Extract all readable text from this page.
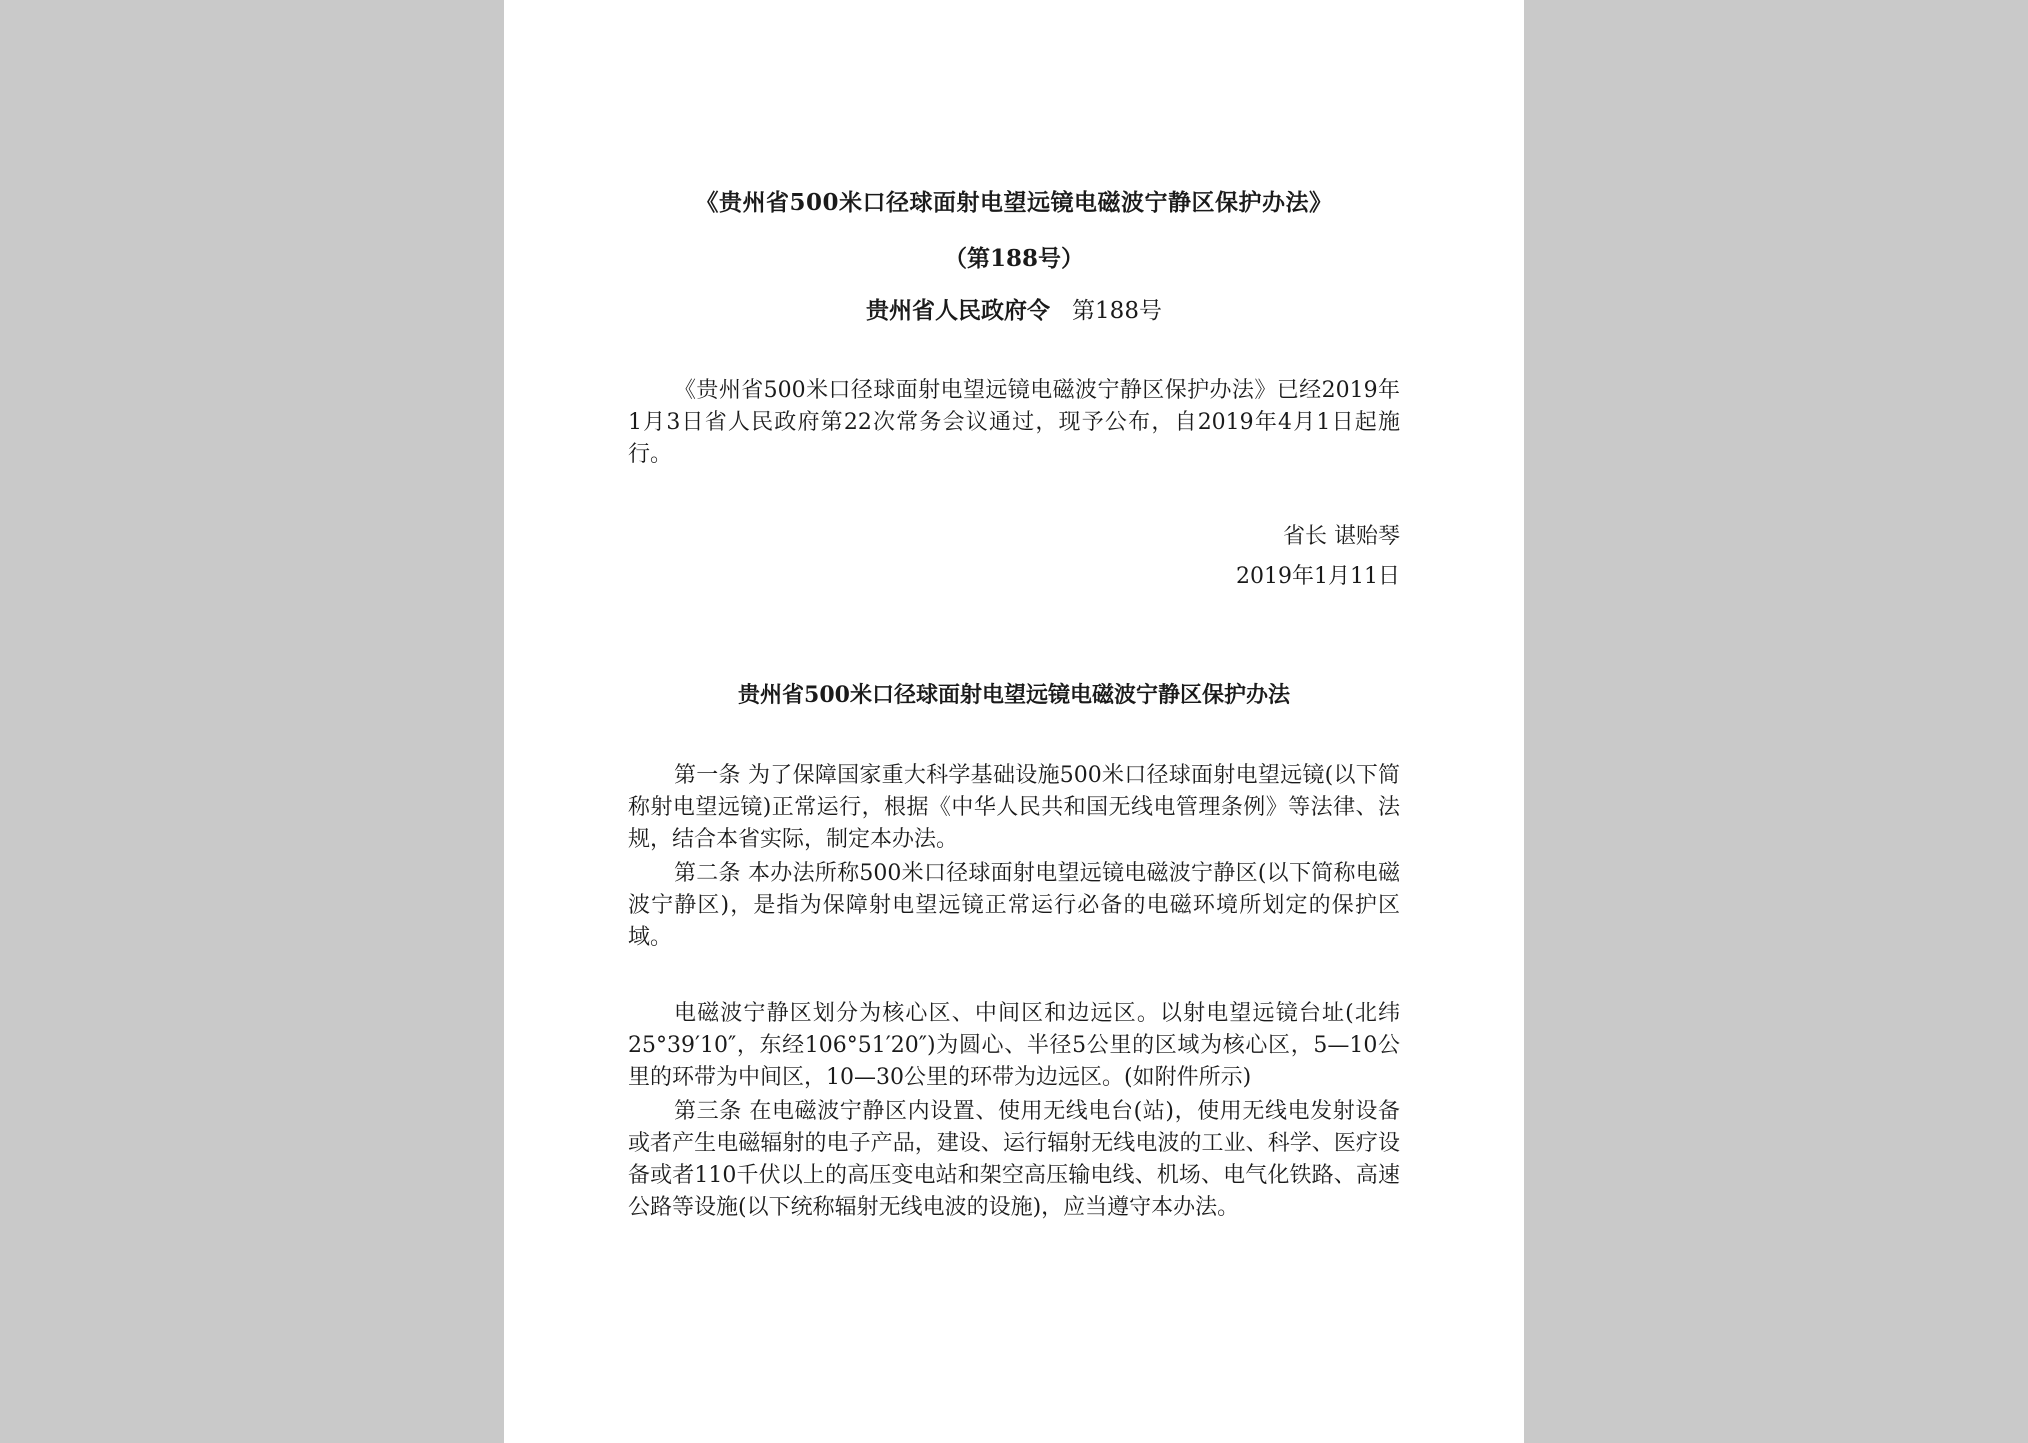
《贵州省500米口径球面射电望远镜电磁波宁静区保护办法》
（第188号）
贵州省人民政府令 第188号
《贵州省500米口径球面射电望远镜电磁波宁静区保护办法》已经2019年1月3日省人民政府第22次常务会议通过，现予公布，自2019年4月1日起施行。
省长 谌贻琴
2019年1月11日
贵州省500米口径球面射电望远镜电磁波宁静区保护办法
第一条 为了保障国家重大科学基础设施500米口径球面射电望远镜(以下简称射电望远镜)正常运行，根据《中华人民共和国无线电管理条例》等法律、法规，结合本省实际，制定本办法。
第二条 本办法所称500米口径球面射电望远镜电磁波宁静区(以下简称电磁波宁静区)，是指为保障射电望远镜正常运行必备的电磁环境所划定的保护区域。
电磁波宁静区划分为核心区、中间区和边远区。以射电望远镜台址(北纬25°39′10″，东经106°51′20″)为圆心、半径5公里的区域为核心区，5—10公里的环带为中间区，10—30公里的环带为边远区。(如附件所示)
第三条 在电磁波宁静区内设置、使用无线电台(站)，使用无线电发射设备或者产生电磁辐射的电子产品，建设、运行辐射无线电波的工业、科学、医疗设备或者110千伏以上的高压变电站和架空高压输电线、机场、电气化铁路、高速公路等设施(以下统称辐射无线电波的设施)，应当遵守本办法。
